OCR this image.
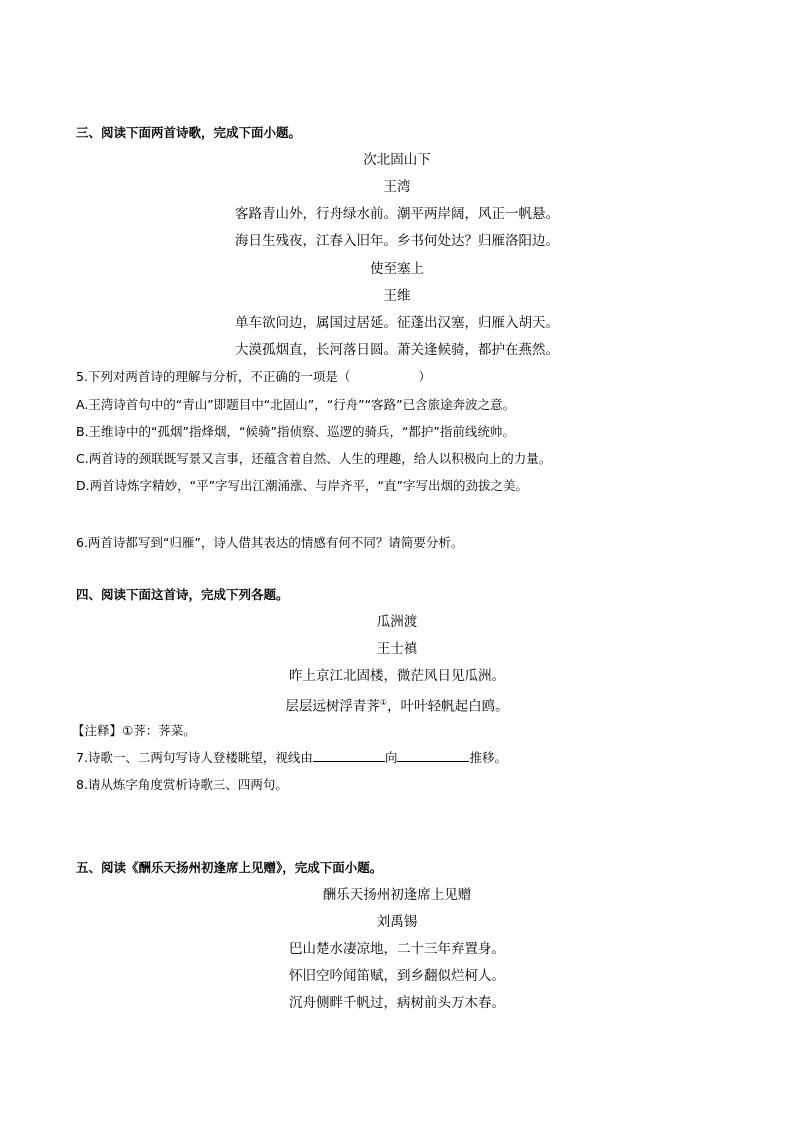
三、阅读下面两首诗歌，完成下面小题。
次北固山下
王湾
客路青山外，行舟绿水前。潮平两岸阔，风正一帆悬。
海日生残夜，江春入旧年。乡书何处达？归雁洛阳边。
使至塞上
王维
单车欲问边，属国过居延。征蓬出汉塞，归雁入胡天。
大漠孤烟直，长河落日圆。萧关逢候骑，都护在燕然。
5.下列对两首诗的理解与分析，不正确的一项是（	）
A.王湾诗首句中的“青山”即题目中“北固山”，“行舟”“客路”已含旅途奔波之意。
B.王维诗中的“孤烟”指烽烟，“候骑”指侦察、巡逻的骑兵，“都护”指前线统帅。
C.两首诗的颈联既写景又言事，还蕴含着自然、人生的理趣，给人以积极向上的力量。
D.两首诗炼字精妙，“平”字写出江潮涌涨、与岸齐平，“直”字写出烟的劲拔之美。
6.两首诗都写到“归雁”，诗人借其表达的情感有何不同？请简要分析。
四、阅读下面这首诗，完成下列各题。
瓜洲渡
王士禛
昨上京江北固楼，微茫风日见瓜洲。
层层远树浮青荠①，叶叶轻帆起白鸥。
【注释】①荠：荠菜。
7.诗歌一、二两句写诗人登楼眺望，视线由	向	推移。
8.请从炼字角度赏析诗歌三、四两句。
五、阅读《酬乐天扬州初逢席上见赠》，完成下面小题。
酬乐天扬州初逢席上见赠
刘禹锡
巴山楚水凄凉地，二十三年弃置身。
怀旧空吟闻笛赋，到乡翻似烂柯人。
沉舟侧畔千帆过，病树前头万木春。
